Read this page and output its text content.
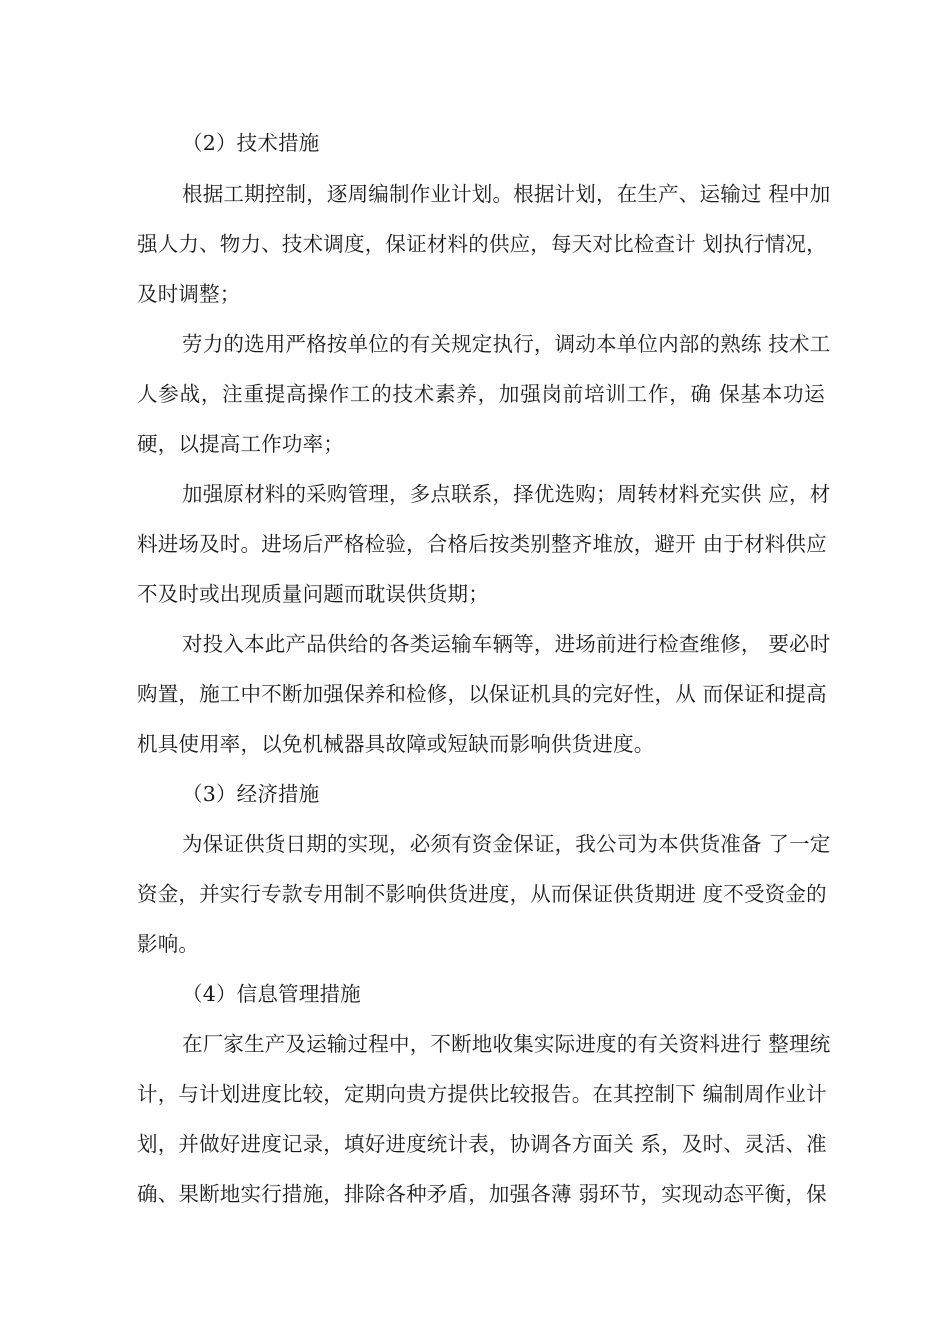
（2）技术措施
根据工期控制，逐周编制作业计划。根据计划，在生产、运输过 程中加
强人力、物力、技术调度，保证材料的供应，每天对比检查计 划执行情况，
及时调整；
劳力的选用严格按单位的有关规定执行，调动本单位内部的熟练 技术工
人参战，注重提高操作工的技术素养，加强岗前培训工作，确 保基本功运
硬，以提高工作功率；
加强原材料的采购管理，多点联系，择优选购；周转材料充实供 应，材
料进场及时。进场后严格检验，合格后按类别整齐堆放，避开 由于材料供应
不及时或出现质量问题而耽误供货期；
对投入本此产品供给的各类运输车辆等，进场前进行检查维修， 要必时
购置，施工中不断加强保养和检修，以保证机具的完好性，从 而保证和提高
机具使用率，以免机械器具故障或短缺而影响供货进度。
（3）经济措施
为保证供货日期的实现，必须有资金保证，我公司为本供货准备 了一定
资金，并实行专款专用制不影响供货进度，从而保证供货期进 度不受资金的
影响。
（4）信息管理措施
在厂家生产及运输过程中，不断地收集实际进度的有关资料进行 整理统
计，与计划进度比较，定期向贵方提供比较报告。在其控制下 编制周作业计
划，并做好进度记录，填好进度统计表，协调各方面关 系，及时、灵活、准
确、果断地实行措施，排除各种矛盾，加强各薄 弱环节，实现动态平衡，保
